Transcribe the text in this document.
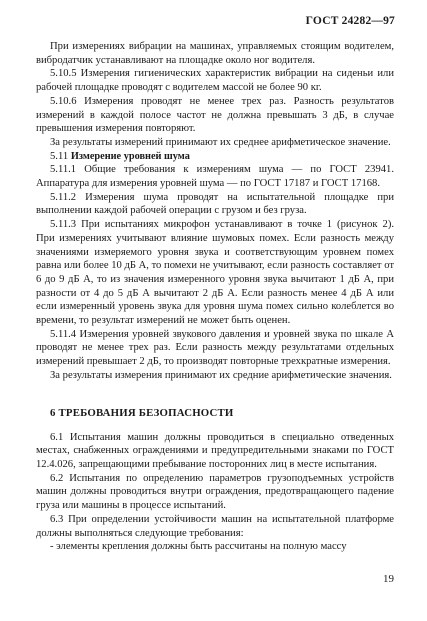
ГОСТ 24282—97

При измерениях вибрации на машинах, управляемых стоящим водителем, вибродатчик устанавливают на площадке около ног водителя.

5.10.5 Измерения гигиенических характеристик вибрации на сиденьи или рабочей площадке проводят с водителем массой не более 90 кг.

5.10.6 Измерения проводят не менее трех раз. Разность результатов измерений в каждой полосе частот не должна превышать 3 дБ, в случае превышения измерения повторяют.

За результаты измерений принимают их среднее арифметическое значение.

5.11 Измерение уровней шума

5.11.1 Общие требования к измерениям шума — по ГОСТ 23941. Аппаратура для измерения уровней шума — по ГОСТ 17187 и ГОСТ 17168.

5.11.2 Измерения шума проводят на испытательной площадке при выполнении каждой рабочей операции с грузом и без груза.

5.11.3 При испытаниях микрофон устанавливают в точке 1 (рисунок 2). При измерениях учитывают влияние шумовых помех. Если разность между значениями измеряемого уровня звука и соответствующим уровнем помех равна или более 10 дБ А, то помехи не учитывают, если разность составляет от 6 до 9 дБ А, то из значения измеренного уровня звука вычитают 1 дБ А, при разности от 4 до 5 дБ А вычитают 2 дБ А. Если разность менее 4 дБ А или если измеренный уровень звука для уровня шума помех сильно колеблется во времени, то результат измерений не может быть оценен.

5.11.4 Измерения уровней звукового давления и уровней звука по шкале А проводят не менее трех раз. Если разность между результатами отдельных измерений превышает 2 дБ, то производят повторные трехкратные измерения.

За результаты измерения принимают их средние арифметические значения.

6 ТРЕБОВАНИЯ БЕЗОПАСНОСТИ

6.1 Испытания машин должны проводиться в специально отведенных местах, снабженных ограждениями и предупредительными знаками по ГОСТ 12.4.026, запрещающими пребывание посторонних лиц в месте испытания.

6.2 Испытания по определению параметров грузоподъемных устройств машин должны проводиться внутри ограждения, предотвращающего падение груза или машины в процессе испытаний.

6.3 При определении устойчивости машин на испытательной платформе должны выполняться следующие требования:

- элементы крепления должны быть рассчитаны на полную массу

19
